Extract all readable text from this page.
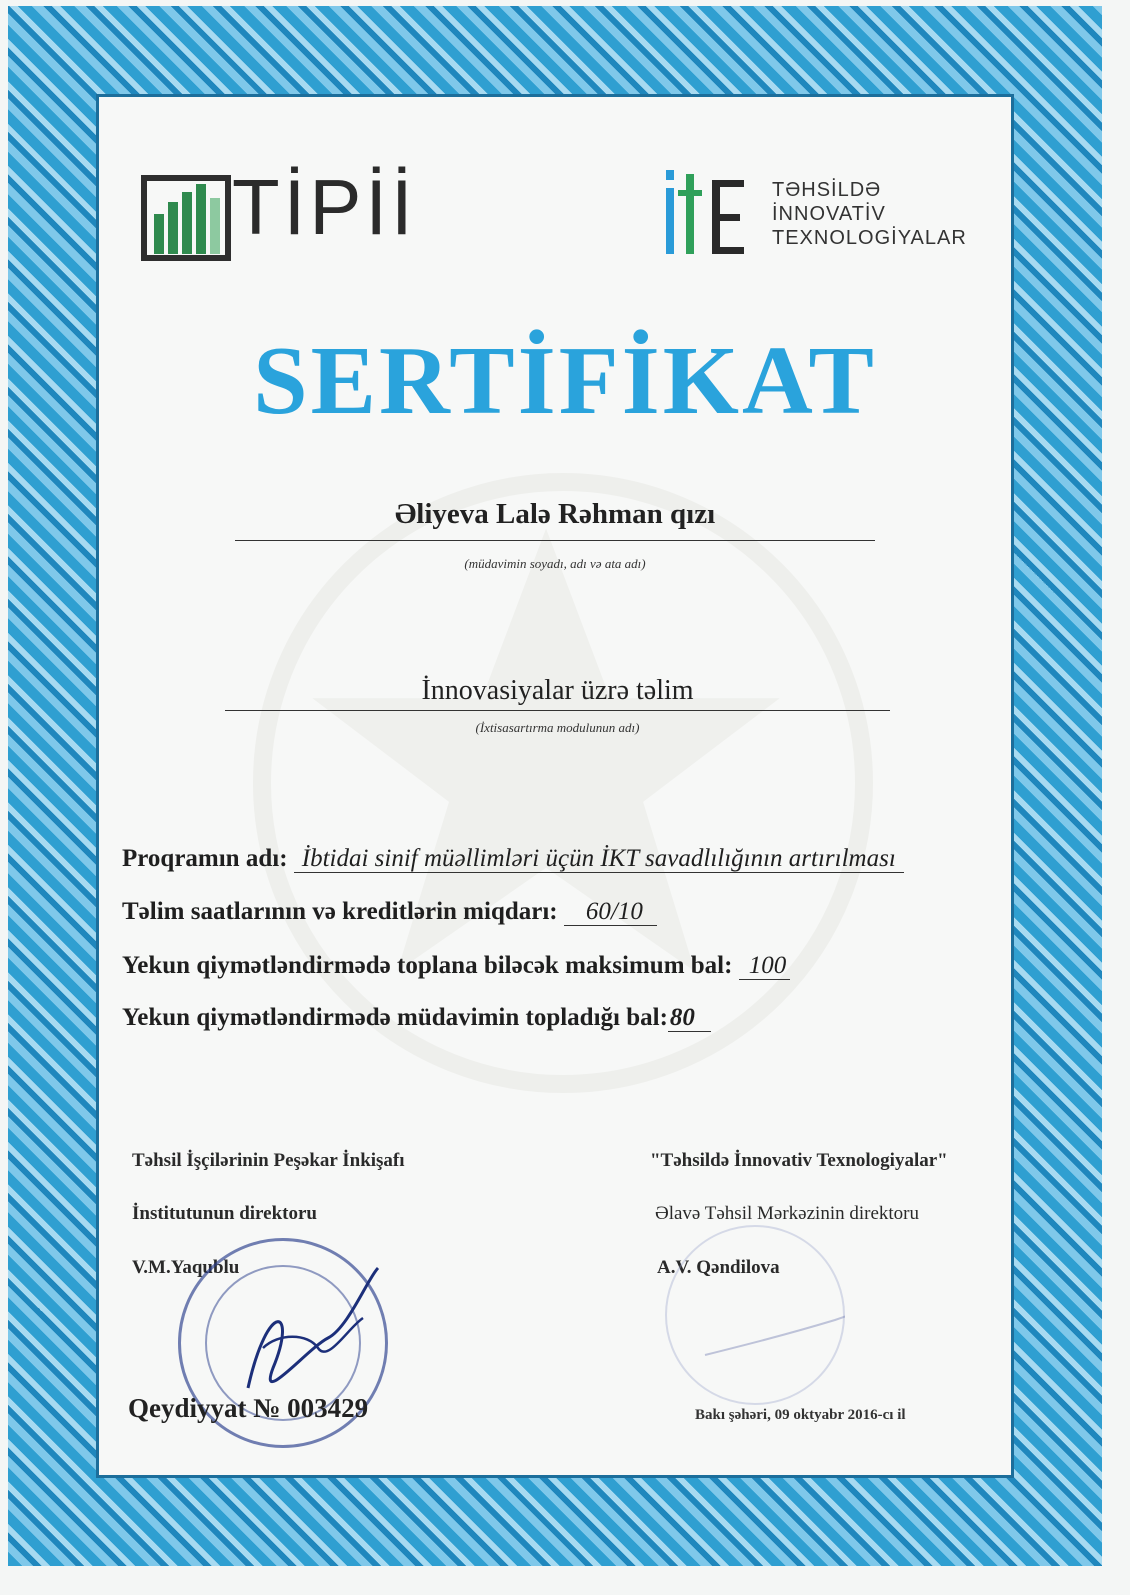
TİPİİ	TƏHSİLDƏ
İNNOVATİV
TEXNOLOGİYALAR
SERTİFİKAT
Əliyeva Lalə Rəhman qızı
(müdavimin soyadı, adı və ata adı)
İnnovasiyalar üzrə təlim
(İxtisasartırma modulunun adı)
Proqramın adı: İbtidai sinif müəllimləri üçün İKT savadlılığının artırılması
Təlim saatlarının və kreditlərin miqdarı: 60/10
Yekun qiymətləndirmədə toplana biləcək maksimum bal: 100
Yekun qiymətləndirmədə müdavimin topladığı bal:80
Təhsil İşçilərinin Peşəkar İnkişafı
İnstitutunun direktoru
V.M.Yaqublu
"Təhsildə İnnovativ Texnologiyalar"
Əlavə Təhsil Mərkəzinin direktoru
A.V. Qəndilova
Qeydiyyat № 003429	Bakı şəhəri, 09 oktyabr 2016-cı il
